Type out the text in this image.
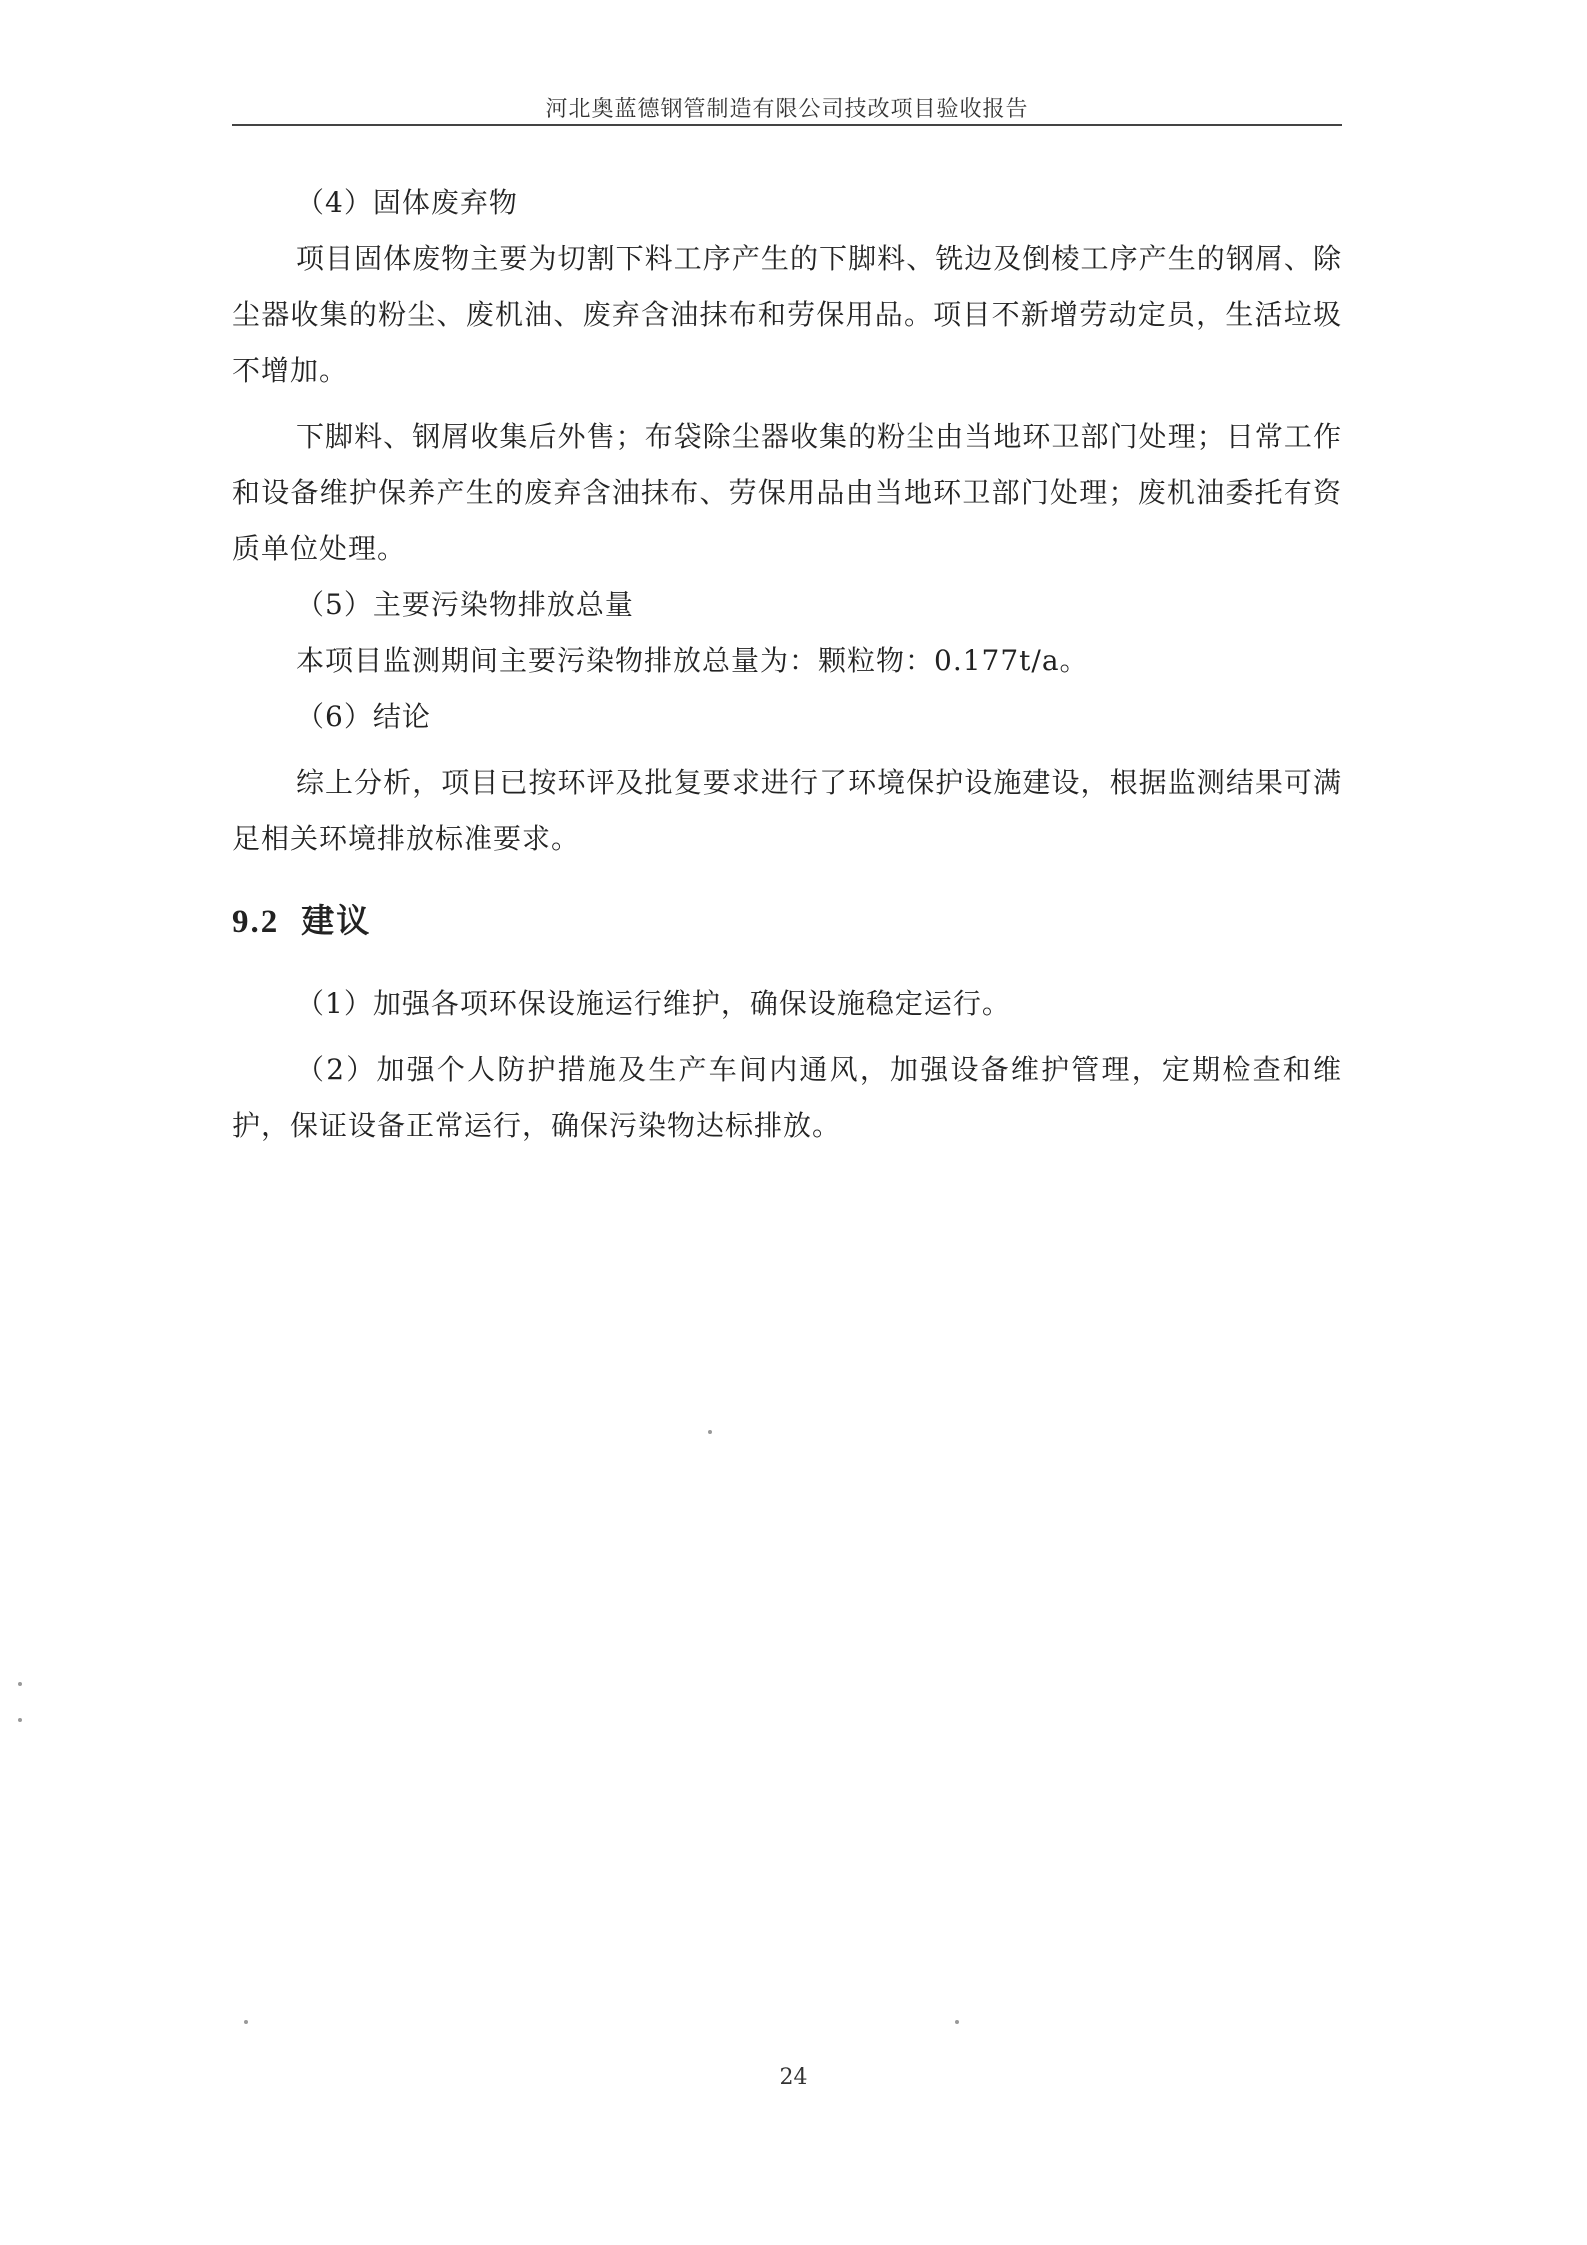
河北奥蓝德钢管制造有限公司技改项目验收报告

（4）固体废弃物

项目固体废物主要为切割下料工序产生的下脚料、铣边及倒棱工序产生的钢屑、除尘器收集的粉尘、废机油、废弃含油抹布和劳保用品。项目不新增劳动定员，生活垃圾不增加。

下脚料、钢屑收集后外售；布袋除尘器收集的粉尘由当地环卫部门处理；日常工作和设备维护保养产生的废弃含油抹布、劳保用品由当地环卫部门处理；废机油委托有资质单位处理。

（5）主要污染物排放总量

本项目监测期间主要污染物排放总量为：颗粒物：0.177t/a。

（6）结论

综上分析，项目已按环评及批复要求进行了环境保护设施建设，根据监测结果可满足相关环境排放标准要求。

9.2 建议

（1）加强各项环保设施运行维护，确保设施稳定运行。

（2）加强个人防护措施及生产车间内通风，加强设备维护管理，定期检查和维护，保证设备正常运行，确保污染物达标排放。

24
